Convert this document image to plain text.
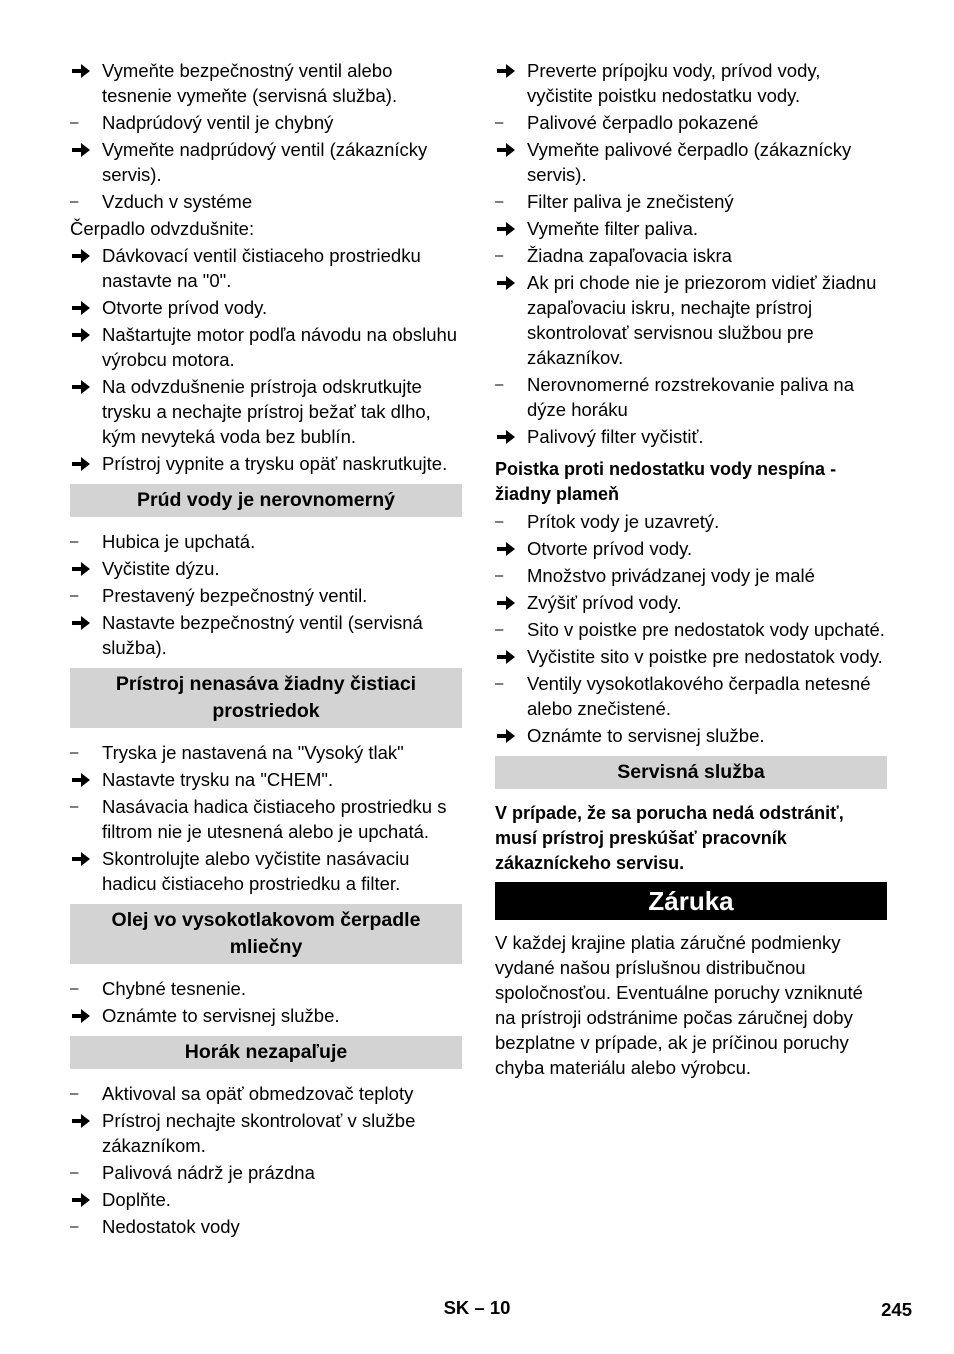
Vymeňte bezpečnostný ventil alebo tesnenie vymeňte (servisná služba).
–	Nadprúdový ventil je chybný
Vymeňte nadprúdový ventil (zákaznícky servis).
–	Vzduch v systéme
Čerpadlo odvzdušnite:
Dávkovací ventil čistiaceho prostriedku nastavte na "0".
Otvorte prívod vody.
Naštartujte motor podľa návodu na obsluhu výrobcu motora.
Na odvzdušnenie prístroja odskrutkujte trysku a nechajte prístroj bežať tak dlho, kým nevyteká voda bez bublín.
Prístroj vypnite a trysku opäť naskrutkujte.
Prúd vody je nerovnomerný
–	Hubica je upchatá.
Vyčistite dýzu.
–	Prestavený bezpečnostný ventil.
Nastavte bezpečnostný ventil (servisná služba).
Prístroj nenasáva žiadny čistiaci prostriedok
–	Tryska je nastavená na "Vysoký tlak"
Nastavte trysku na "CHEM".
–	Nasávacia hadica čistiaceho prostriedku s filtrom nie je utesnená alebo je upchatá.
Skontrolujte alebo vyčistite nasávaciu hadicu čistiaceho prostriedku a filter.
Olej vo vysokotlakovom čerpadle mliečny
–	Chybné tesnenie.
Oznámte to servisnej službe.
Horák nezapaľuje
–	Aktivoval sa opäť obmedzovač teploty
Prístroj nechajte skontrolovať v službe zákazníkom.
–	Palivová nádrž je prázdna
Doplňte.
–	Nedostatok vody
Preverte prípojku vody, prívod vody, vyčistite poistku nedostatku vody.
–	Palivové čerpadlo pokazené
Vymeňte palivové čerpadlo (zákaznícky servis).
–	Filter paliva je znečistený
Vymeňte filter paliva.
–	Žiadna zapaľovacia iskra
Ak pri chode nie je priezorom vidieť žiadnu zapaľovaciu iskru, nechajte prístroj skontrolovať servisnou službou pre zákazníkov.
–	Nerovnomerné rozstrekovanie paliva na dýze horáku
Palivový filter vyčistiť.
Poistka proti nedostatku vody nespína - žiadny plameň
–	Prítok vody je uzavretý.
Otvorte prívod vody.
–	Množstvo privádzanej vody je malé
Zvýšiť prívod vody.
–	Sito v poistke pre nedostatok vody upchaté.
Vyčistite sito v poistke pre nedostatok vody.
–	Ventily vysokotlakového čerpadla netesné alebo znečistené.
Oznámte to servisnej službe.
Servisná služba
V prípade, že sa porucha nedá odstrániť, musí prístroj preskúšať pracovník zákazníckeho servisu.
Záruka
V každej krajine platia záručné podmienky vydané našou príslušnou distribučnou spoločnosťou. Eventuálne poruchy vzniknuté na prístroji odstránime počas záručnej doby bezplatne v prípade, ak je príčinou poruchy chyba materiálu alebo výrobcu.
SK – 10	245
